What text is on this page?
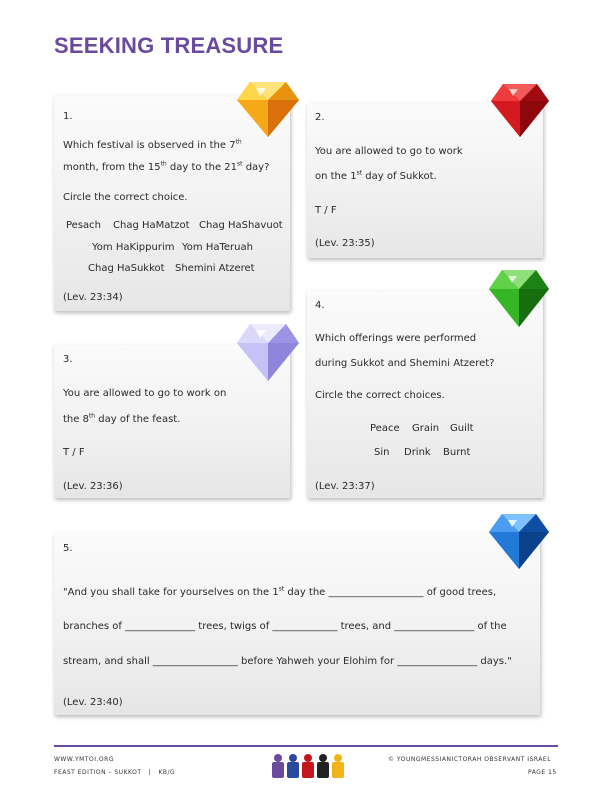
SEEKING TREASURE
1.
Which festival is observed in the 7th
month, from the 15th day to the 21st day?
Circle the correct choice.
Pesach Chag HaMatzot Chag HaShavuot
Yom HaKippurim Yom HaTeruah
Chag HaSukkot Shemini Atzeret
(Lev. 23:34)
2.
You are allowed to go to work
on the 1st day of Sukkot.
T / F
(Lev. 23:35)
3.
You are allowed to go to work on
the 8th day of the feast.
T / F
(Lev. 23:36)
4.
Which offerings were performed
during Sukkot and Shemini Atzeret?
Circle the correct choices.
Peace Grain Guilt
Sin Drink Burnt
(Lev. 23:37)
5.
"And you shall take for yourselves on the 1st day the ___________________ of good trees,
branches of ______________ trees, twigs of _____________ trees, and ________________ of the
stream, and shall _________________ before Yahweh your Elohim for ________________ days."
(Lev. 23:40)
WWW.YMTOI.ORG
FEAST EDITION – SUKKOT   |   KB/G
© YOUNGMESSIANICTORAH OBSERVANT ISRAEL
PAGE 15
